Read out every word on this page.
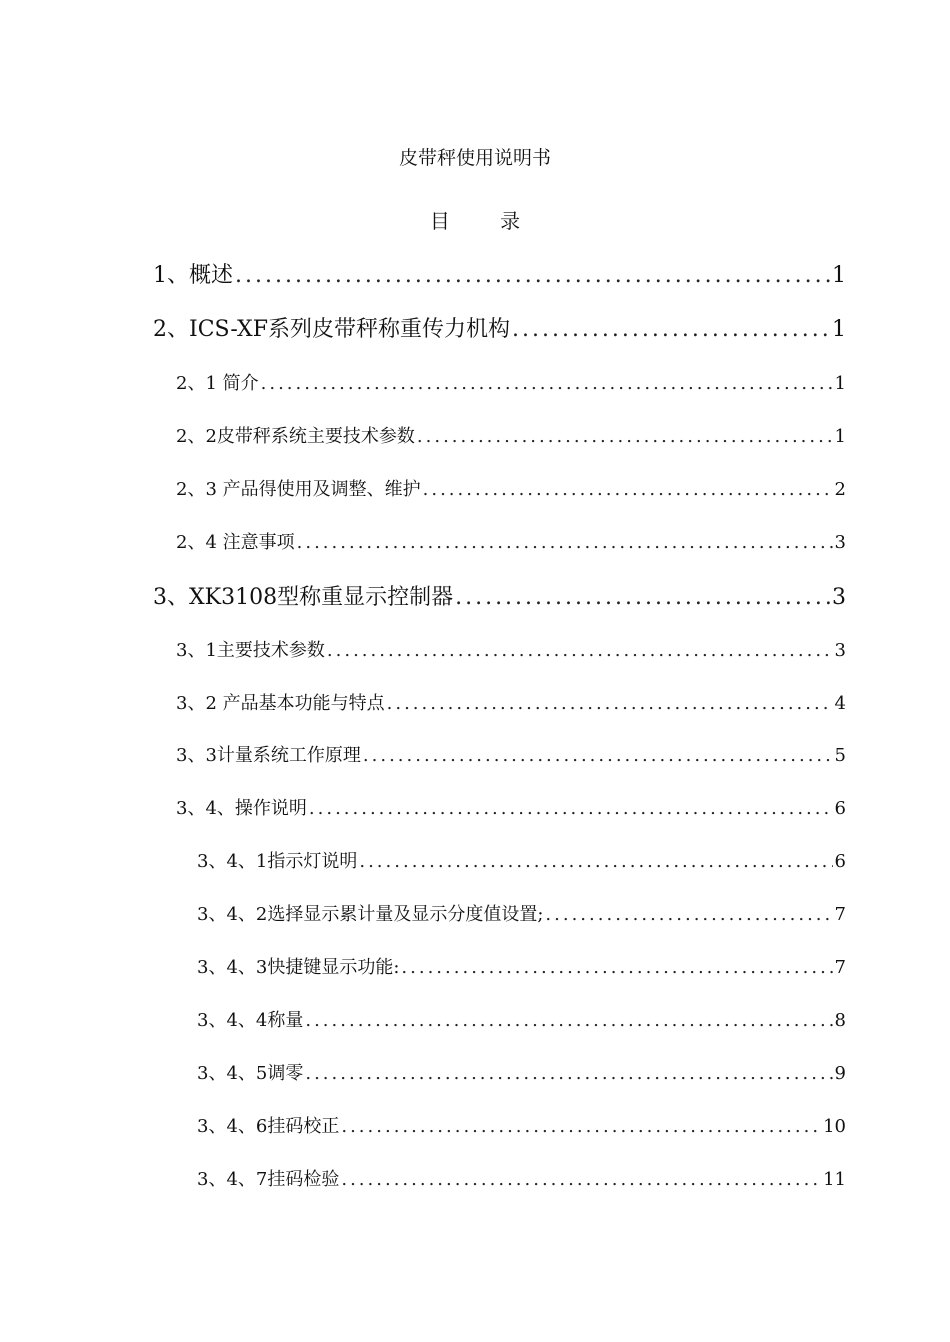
皮带秤使用说明书
目 录
1、概述 .....	1
2、ICS-XF系列皮带秤称重传力机构 .....	1
2、1 简介 .....	1
2、2皮带秤系统主要技术参数 .....	1
2、3 产品得使用及调整、维护 .....	2
2、4 注意事项 .....	3
3、XK3108型称重显示控制器 .....	3
3、1主要技术参数 .....	3
3、2 产品基本功能与特点 .....	4
3、3计量系统工作原理 .....	5
3、4、操作说明 .....	6
3、4、1指示灯说明 .....	6
3、4、2选择显示累计量及显示分度值设置; .....	7
3、4、3快捷键显示功能: .....	7
3、4、4称量 .....	8
3、4、5调零 .....	9
3、4、6挂码校正 .....	10
3、4、7挂码检验 .....	11
